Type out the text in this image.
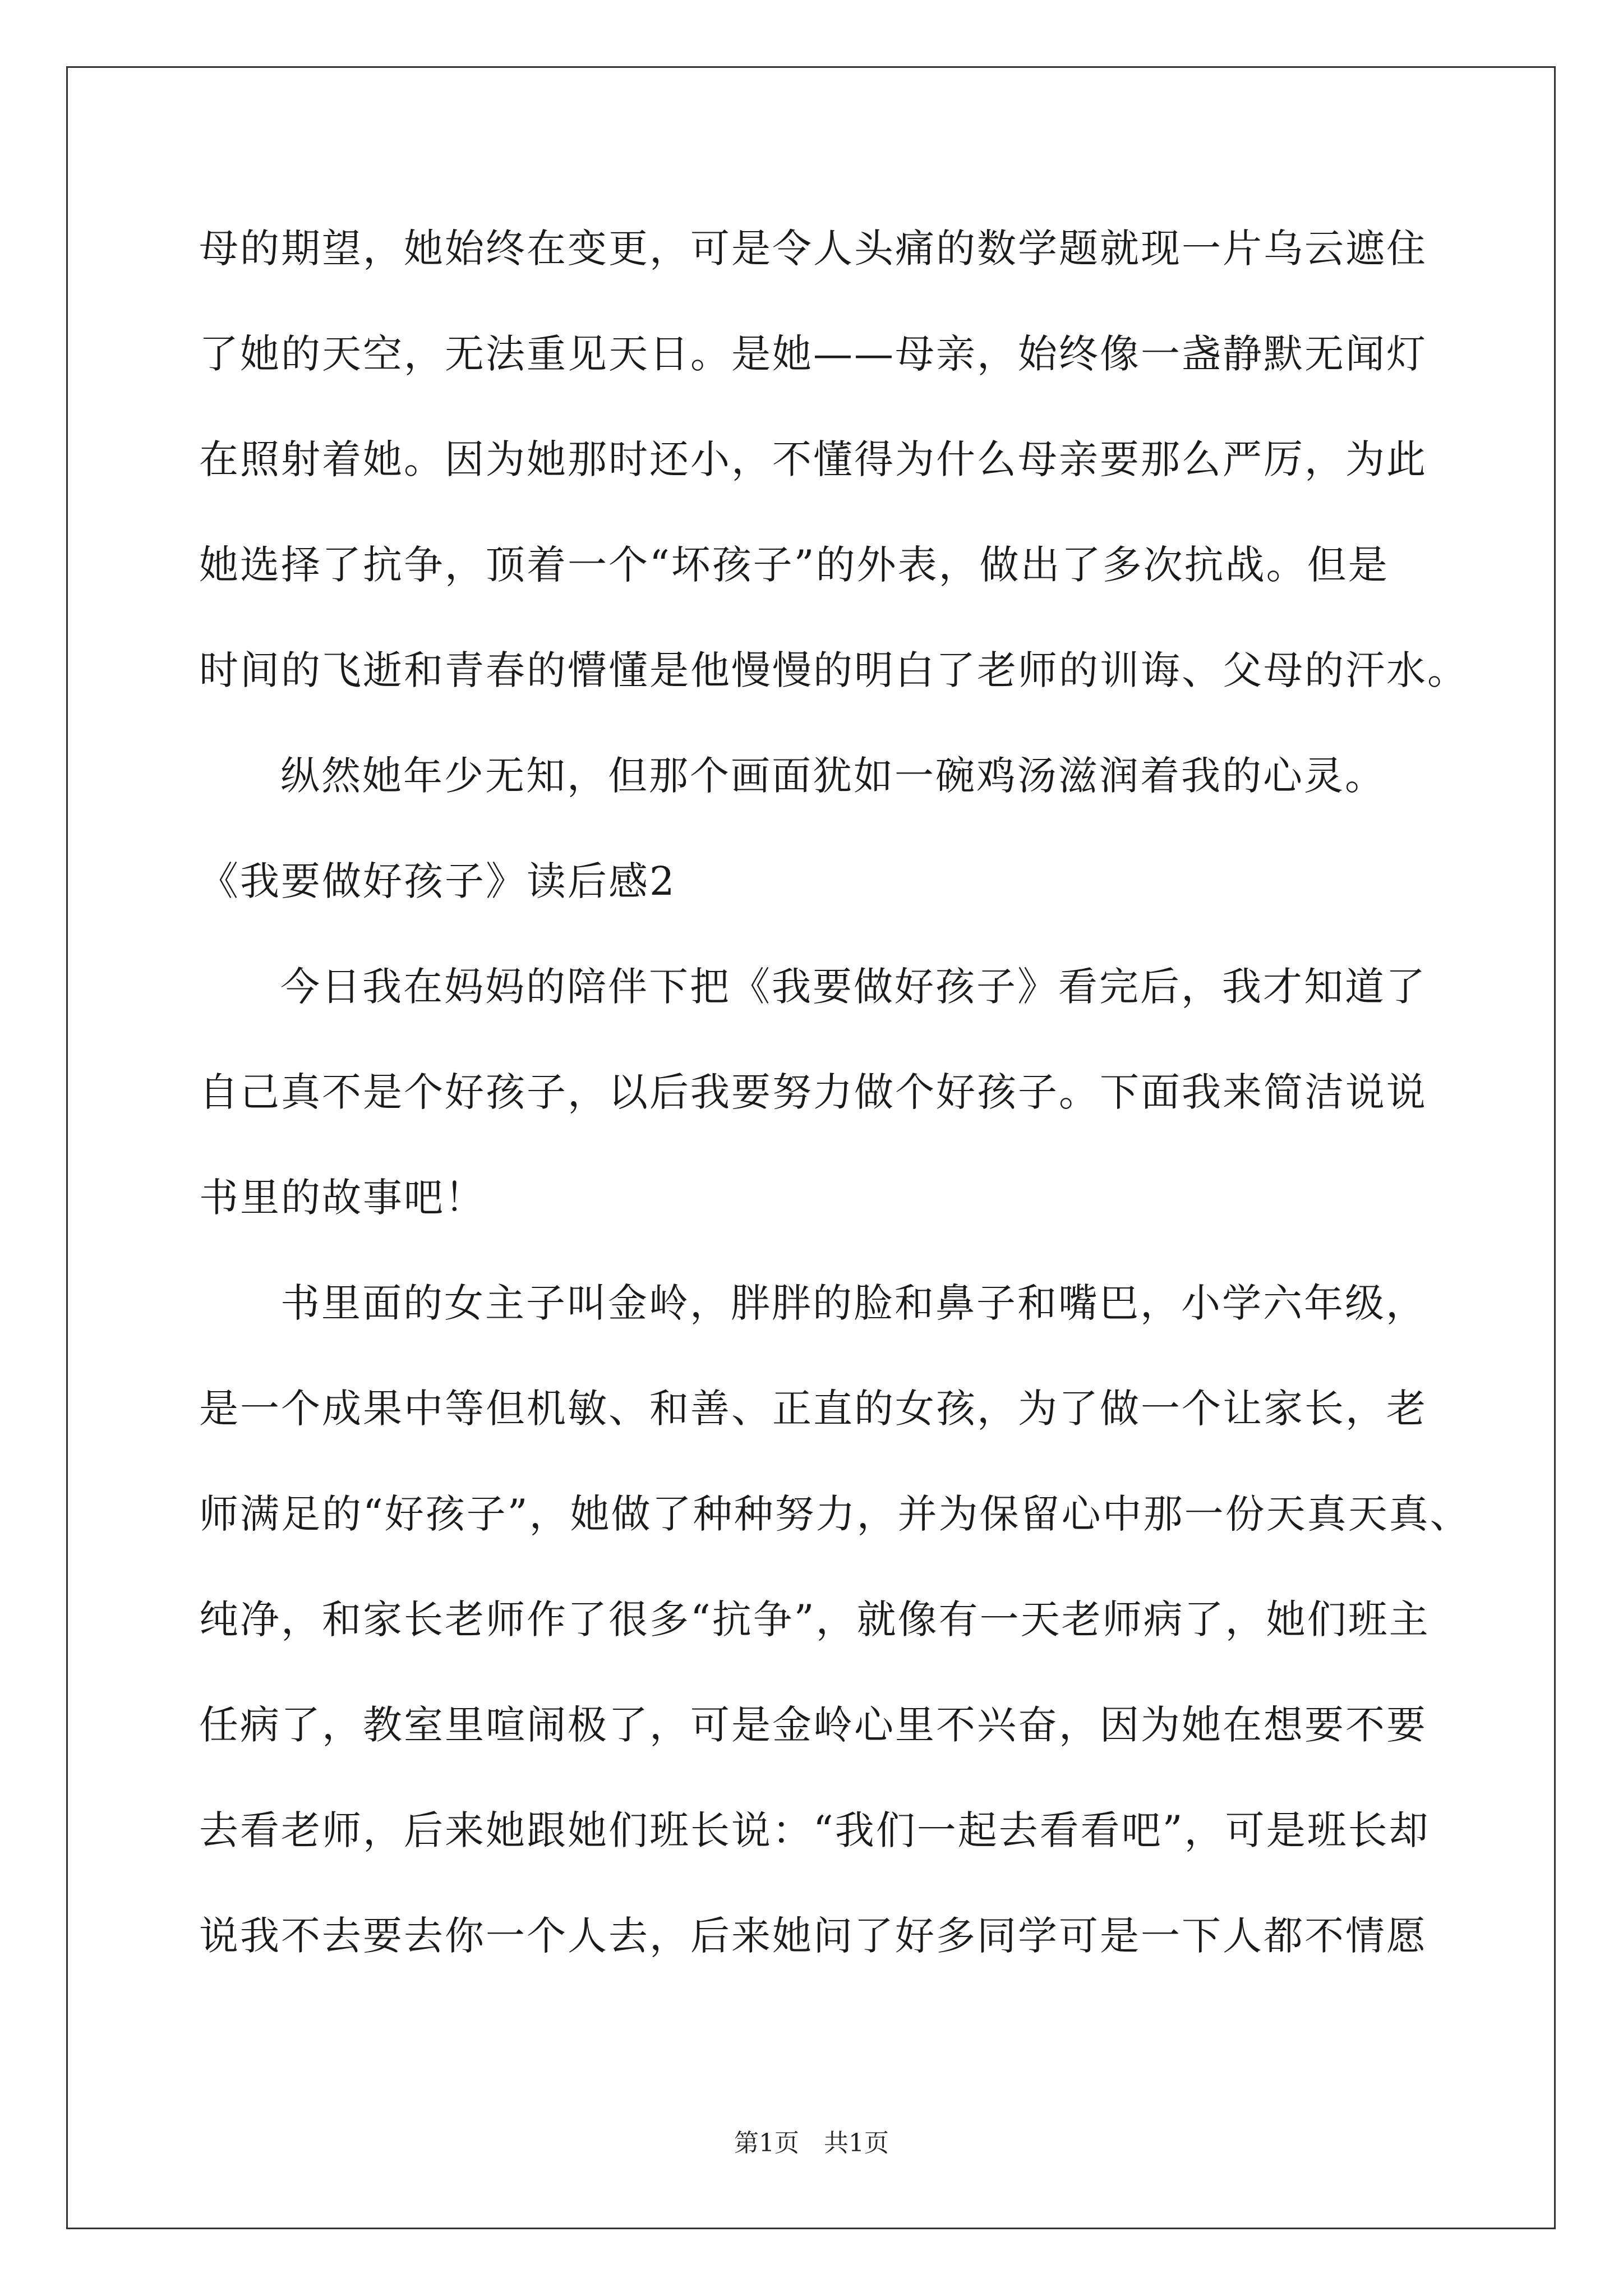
母的期望，她始终在变更，可是令人头痛的数学题就现一片乌云遮住
了她的天空，无法重见天日。是她——母亲，始终像一盏静默无闻灯
在照射着她。因为她那时还小，不懂得为什么母亲要那么严厉，为此
她选择了抗争，顶着一个“坏孩子”的外表，做出了多次抗战。但是
时间的飞逝和青春的懵懂是他慢慢的明白了老师的训诲、父母的汗水。
纵然她年少无知，但那个画面犹如一碗鸡汤滋润着我的心灵。
《我要做好孩子》读后感2
今日我在妈妈的陪伴下把《我要做好孩子》看完后，我才知道了
自己真不是个好孩子，以后我要努力做个好孩子。下面我来简洁说说
书里的故事吧！
书里面的女主子叫金岭，胖胖的脸和鼻子和嘴巴，小学六年级，
是一个成果中等但机敏、和善、正直的女孩，为了做一个让家长，老
师满足的“好孩子”，她做了种种努力，并为保留心中那一份天真天真、
纯净，和家长老师作了很多“抗争”，就像有一天老师病了，她们班主
任病了，教室里喧闹极了，可是金岭心里不兴奋，因为她在想要不要
去看老师，后来她跟她们班长说：“我们一起去看看吧”，可是班长却
说我不去要去你一个人去，后来她问了好多同学可是一下人都不情愿
第1页　共1页
